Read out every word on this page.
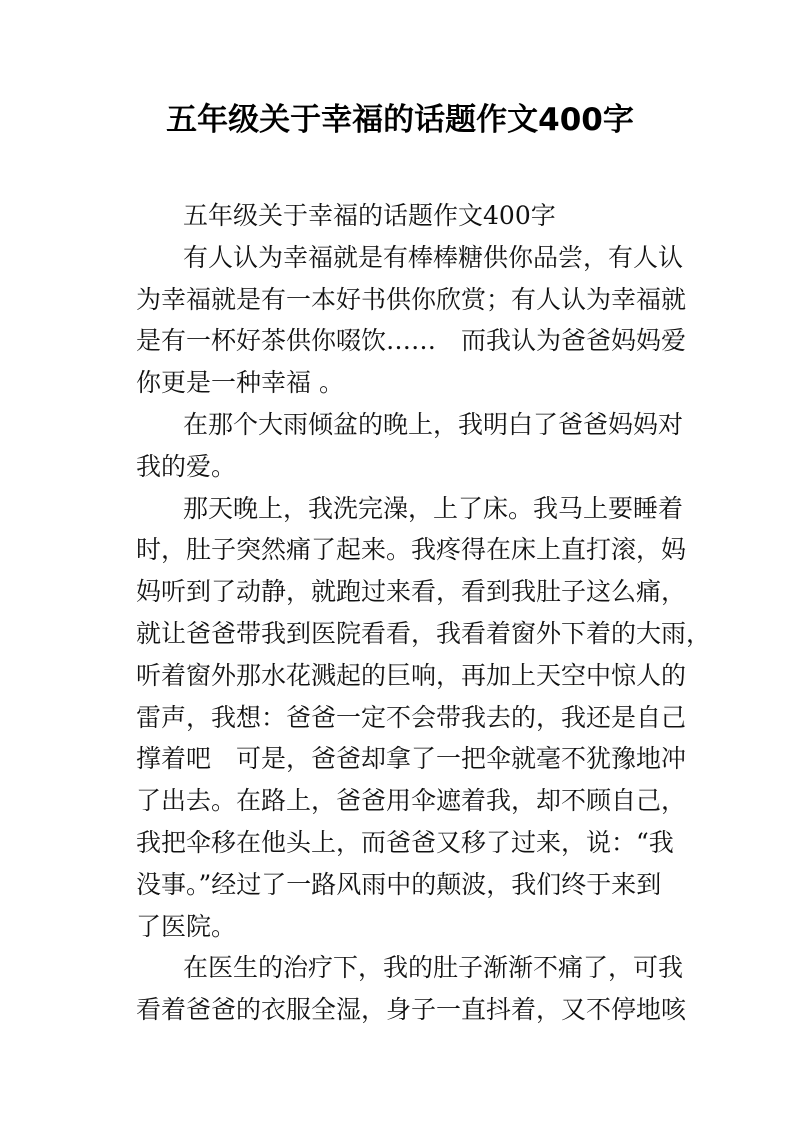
五年级关于幸福的话题作文400字
五年级关于幸福的话题作文400字
有人认为幸福就是有棒棒糖供你品尝，有人认
为幸福就是有一本好书供你欣赏；有人认为幸福就
是有一杯好茶供你啜饮……　而我认为爸爸妈妈爱
你更是一种幸福 。
在那个大雨倾盆的晚上，我明白了爸爸妈妈对
我的爱。
那天晚上，我洗完澡，上了床。我马上要睡着
时，肚子突然痛了起来。我疼得在床上直打滚，妈
妈听到了动静，就跑过来看，看到我肚子这么痛，
就让爸爸带我到医院看看，我看着窗外下着的大雨，
听着窗外那水花溅起的巨响，再加上天空中惊人的
雷声，我想：爸爸一定不会带我去的，我还是自己
撑着吧　可是，爸爸却拿了一把伞就毫不犹豫地冲
了出去。在路上，爸爸用伞遮着我，却不顾自己，
我把伞移在他头上，而爸爸又移了过来，说：“我
没事。”经过了一路风雨中的颠波，我们终于来到
了医院。
在医生的治疗下，我的肚子渐渐不痛了，可我
看着爸爸的衣服全湿，身子一直抖着，又不停地咳
